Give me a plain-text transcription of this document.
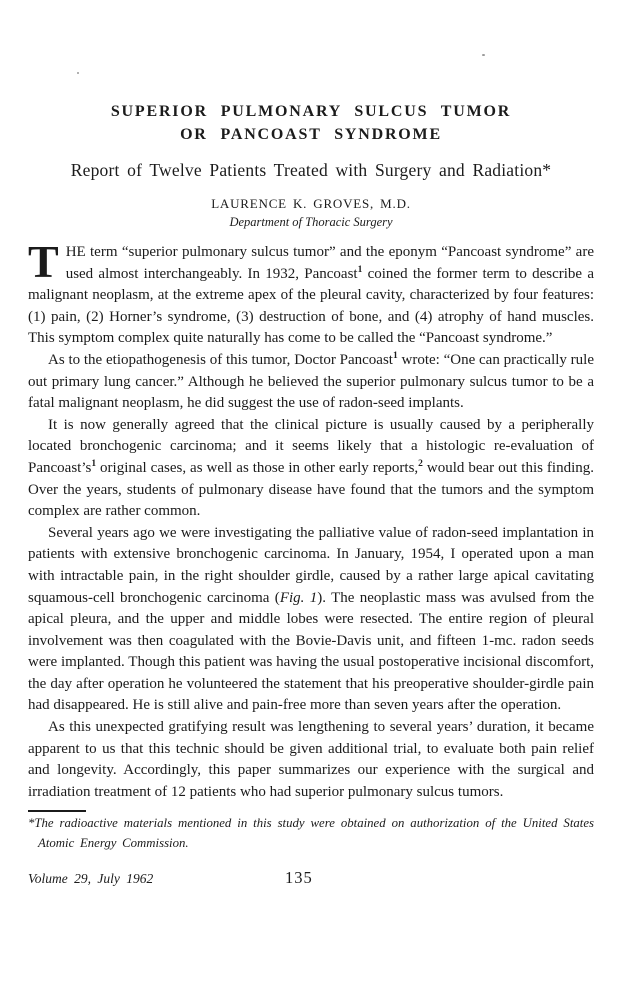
SUPERIOR PULMONARY SULCUS TUMOR
OR PANCOAST SYNDROME
Report of Twelve Patients Treated with Surgery and Radiation*
LAURENCE K. GROVES, M.D.
Department of Thoracic Surgery

THE term “superior pulmonary sulcus tumor” and the eponym “Pancoast syndrome” are used almost interchangeably. In 1932, Pancoast$^1$ coined the former term to describe a malignant neoplasm, at the extreme apex of the pleural cavity, characterized by four features: (1) pain, (2) Horner’s syndrome, (3) destruction of bone, and (4) atrophy of hand muscles. This symptom complex quite naturally has come to be called the “Pancoast syndrome.”

As to the etiopathogenesis of this tumor, Doctor Pancoast$^1$ wrote: “One can practically rule out primary lung cancer.” Although he believed the superior pulmonary sulcus tumor to be a fatal malignant neoplasm, he did suggest the use of radon-seed implants.

It is now generally agreed that the clinical picture is usually caused by a peripherally located bronchogenic carcinoma; and it seems likely that a histologic re-evaluation of $Pancoast’s^1$ original cases, as well as those in other early reports,$^2$ would bear out this finding. Over the years, students of pulmonary disease have found that the tumors and the symptom complex are rather common.

Several years ago we were investigating the palliative value of radon-seed implantation in patients with extensive bronchogenic carcinoma. In January, 1954, I operated upon a man with intractable pain, in the right shoulder girdle, caused by a rather large apical cavitating squamous-cell bronchogenic carcinoma (Fig. 1). The neoplastic mass was avulsed from the apical pleura, and the upper and middle lobes were resected. The entire region of pleural involvement was then coagulated with the Bovie-Davis unit, and fifteen 1-mc. radon seeds were implanted. Though this patient was having the usual postoperative incisional discomfort, the day after operation he volunteered the statement that his preoperative shoulder-girdle pain had disappeared. He is still alive and pain-free more than seven years after the operation.

As this unexpected gratifying result was lengthening to several years’ duration, it became apparent to us that this technic should be given additional trial, to evaluate both pain relief and longevity. Accordingly, this paper summarizes our experience with the surgical and irradiation treatment of 12 patients who had superior pulmonary sulcus tumors.

*The radioactive materials mentioned in this study were obtained on authorization of the United States Atomic Energy Commission.
Volume 29, July 1962	135
